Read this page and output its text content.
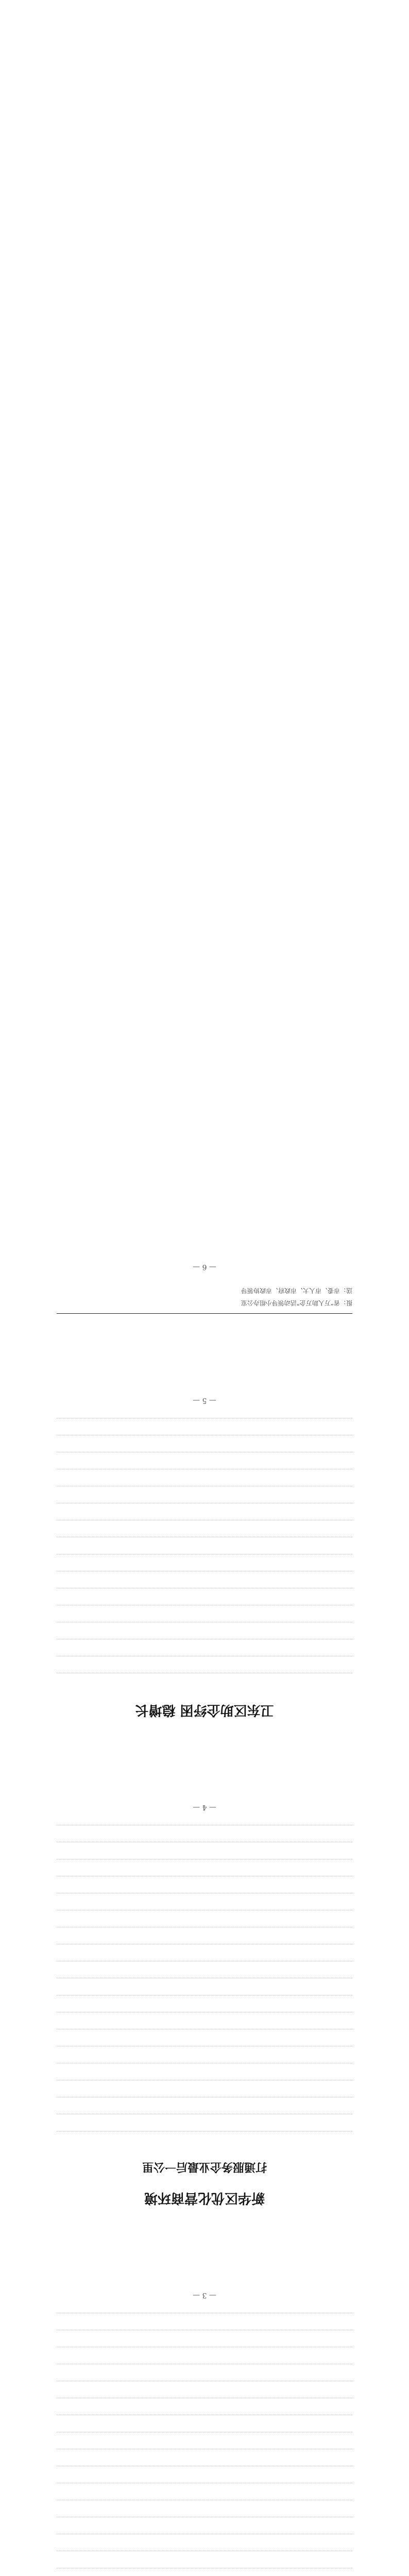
— 3 —
新华区优化营商环境
打通服务企业最后一公里
— 4 —
卫东区助企纾困 稳增长
— 5 —
报：省“万人助万企”活动领导小组办公室
送：市委、市人大、市政府、市政协领导
— 6 —
